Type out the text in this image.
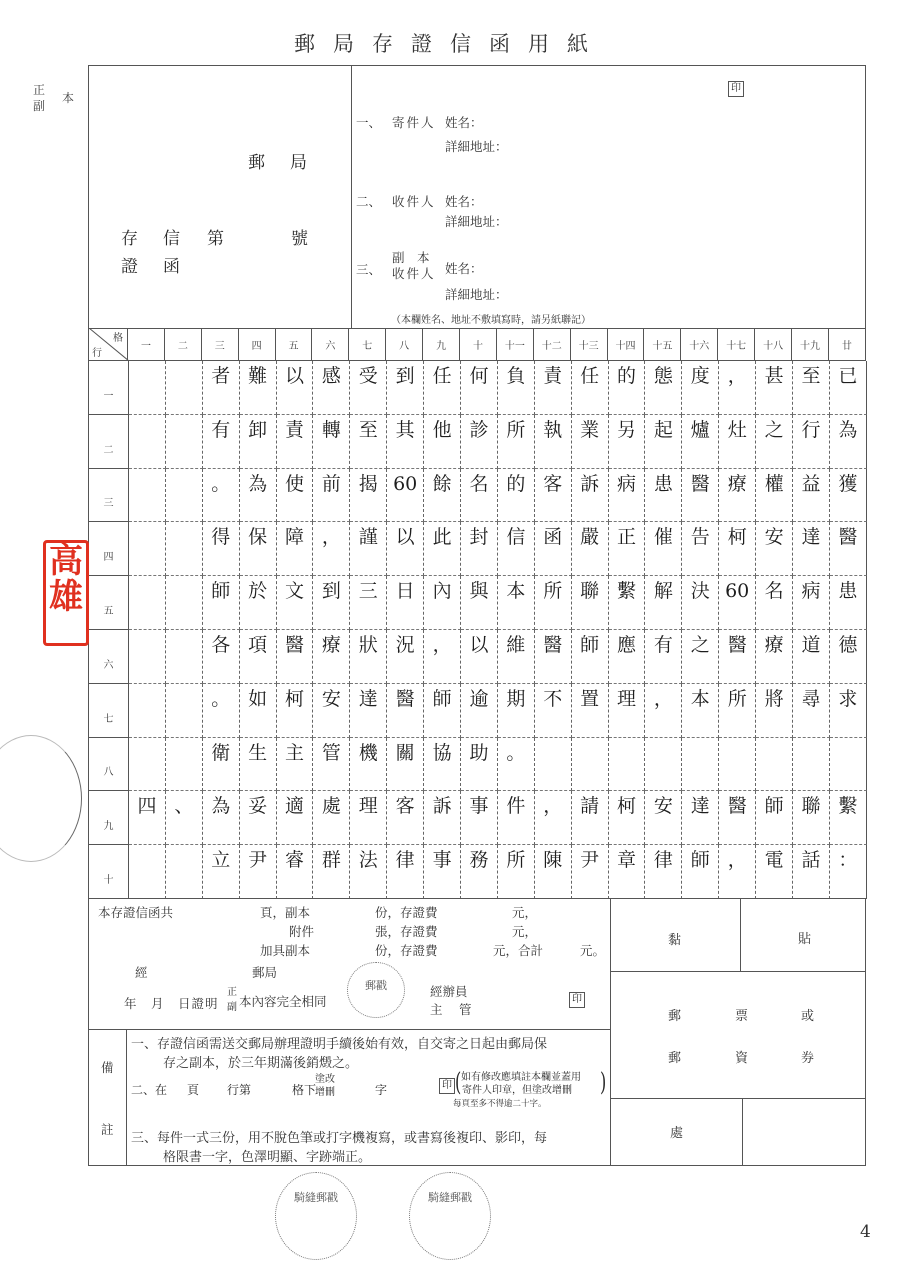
郵局存證信函用紙
正
副
本
郵　局
存 信 第	號
證 函
印
一、 寄件人 姓名：
詳細地址：
二、 收件人 姓名：
詳細地址：
三、
副　本
收件人 姓名：
詳細地址：
（本欄姓名、地址不敷填寫時，請另紙聯記）
格
行
一	二	三	四	五	六	七	八	九	十	十一	十二	十三	十四	十五	十六	十七	十八	十九	廿
一
者 難 以 感 受 到 任 何 負 責 任 的 態 度 ， 甚 至 已
二
有 卸 責 轉 至 其 他 診 所 執 業 另 起 爐 灶 之 行 為
三
。 為 使 前 揭 60 餘 名 的 客 訴 病 患 醫 療 權 益 獲
四
得 保 障 ， 謹 以 此 封 信 函 嚴 正 催 告 柯 安 達 醫
五
師 於 文 到 三 日 內 與 本 所 聯 繫 解 決 60 名 病 患
六
各 項 醫 療 狀 況 ， 以 維 醫 師 應 有 之 醫 療 道 德
七
。 如 柯 安 達 醫 師 逾 期 不 置 理 ， 本 所 將 尋 求
八
衛 生 主 管 機 關 協 助 。
九
四 、 為 妥 適 處 理 客 訴 事 件 ， 請 柯 安 達 醫 師 聯 繫
十
立 尹 睿 群 法 律 事 務 所 陳 尹 章 律 師 ， 電 話 ：
本存證信函共	頁，副本	份，存證費	元，
附件	張，存證費	元，
加具副本	份，存證費	元，合計	元。
經	郵局
年　月　日證明
正
副 本內容完全相同
郵戳	經辦員
主　管
印
備
註
一、存證信函需送交郵局辦理證明手續後始有效，自交寄之日起由郵局保
存之副本，於三年期滿後銷燬之。
二、在 頁 行第	格下
塗改
增刪	字	印
如有修改應填註本欄並蓋用
寄件人印章，但塗改增刪
(	)
每頁至多不得逾二十字。
三、每件一式三份，用不脫色筆或打字機複寫，或書寫後複印、影印，每
格限書一字，色澤明顯、字跡端正。
黏	貼
郵	票	或
郵	資	券
處
高
雄
騎縫郵戳	騎縫郵戳
4
